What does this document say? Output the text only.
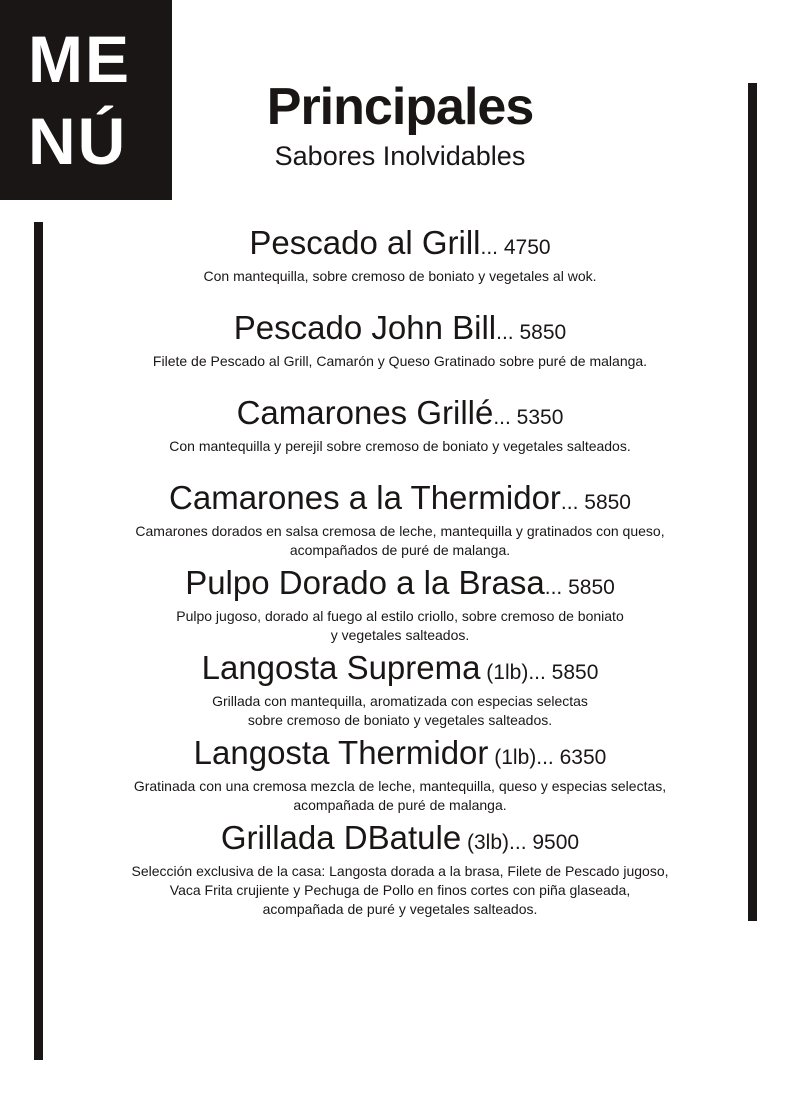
ME
NÚ	Principales
Sabores Inolvidables
Pescado al Grill... 4750
Con mantequilla, sobre cremoso de boniato y vegetales al wok.
Pescado John Bill... 5850
Filete de Pescado al Grill, Camarón y Queso Gratinado sobre puré de malanga.
Camarones Grillé... 5350
Con mantequilla y perejil sobre cremoso de boniato y vegetales salteados.
Camarones a la Thermidor... 5850
Camarones dorados en salsa cremosa de leche, mantequilla y gratinados con queso,
acompañados de puré de malanga.
Pulpo Dorado a la Brasa... 5850
Pulpo jugoso, dorado al fuego al estilo criollo, sobre cremoso de boniato
y vegetales salteados.
Langosta Suprema (1lb)... 5850
Grillada con mantequilla, aromatizada con especias selectas
sobre cremoso de boniato y vegetales salteados.
Langosta Thermidor (1lb)... 6350
Gratinada con una cremosa mezcla de leche, mantequilla, queso y especias selectas,
acompañada de puré de malanga.
Grillada DBatule (3lb)... 9500
Selección exclusiva de la casa: Langosta dorada a la brasa, Filete de Pescado jugoso,
Vaca Frita crujiente y Pechuga de Pollo en finos cortes con piña glaseada,
acompañada de puré y vegetales salteados.
